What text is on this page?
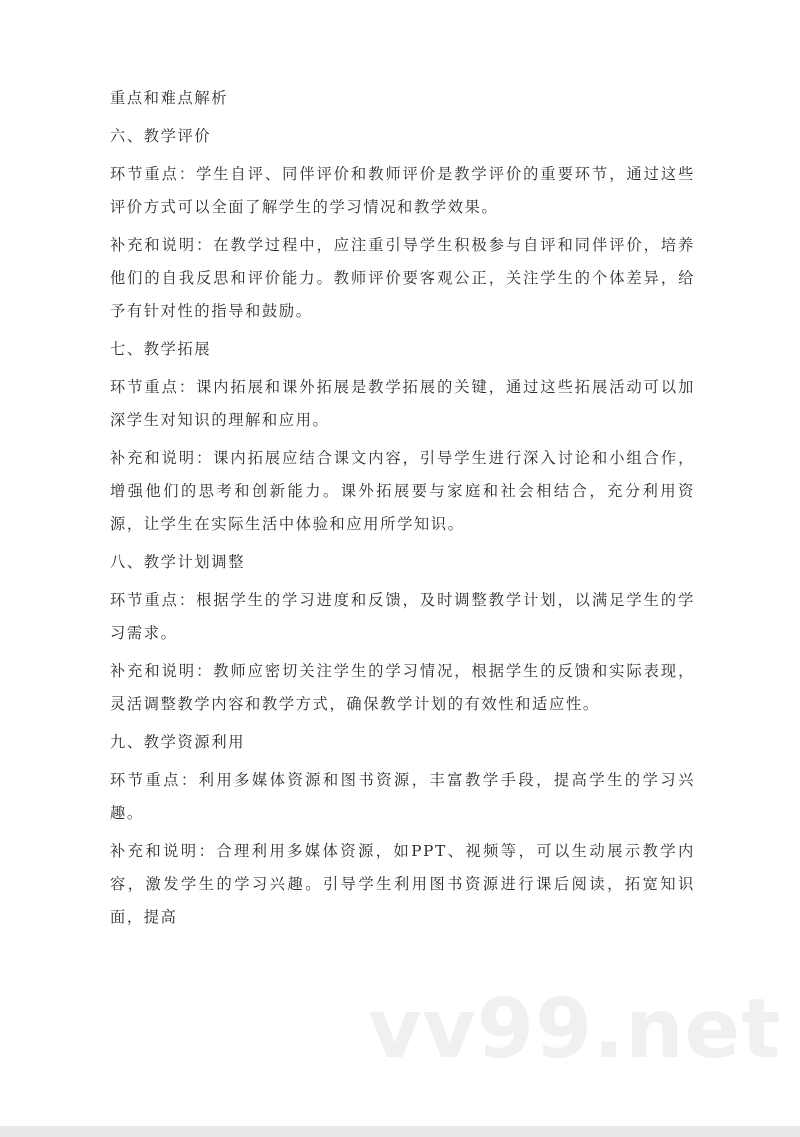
重点和难点解析

六、教学评价

环节重点：学生自评、同伴评价和教师评价是教学评价的重要环节，通过这些评价方式可以全面了解学生的学习情况和教学效果。

补充和说明：在教学过程中，应注重引导学生积极参与自评和同伴评价，培养他们的自我反思和评价能力。教师评价要客观公正，关注学生的个体差异，给予有针对性的指导和鼓励。

七、教学拓展

环节重点：课内拓展和课外拓展是教学拓展的关键，通过这些拓展活动可以加深学生对知识的理解和应用。

补充和说明：课内拓展应结合课文内容，引导学生进行深入讨论和小组合作，增强他们的思考和创新能力。课外拓展要与家庭和社会相结合，充分利用资源，让学生在实际生活中体验和应用所学知识。

八、教学计划调整

环节重点：根据学生的学习进度和反馈，及时调整教学计划，以满足学生的学习需求。

补充和说明：教师应密切关注学生的学习情况，根据学生的反馈和实际表现，灵活调整教学内容和教学方式，确保教学计划的有效性和适应性。

九、教学资源利用

环节重点：利用多媒体资源和图书资源，丰富教学手段，提高学生的学习兴趣。

补充和说明：合理利用多媒体资源，如PPT、视频等，可以生动展示教学内容，激发学生的学习兴趣。引导学生利用图书资源进行课后阅读，拓宽知识面，提高

vv99.net
